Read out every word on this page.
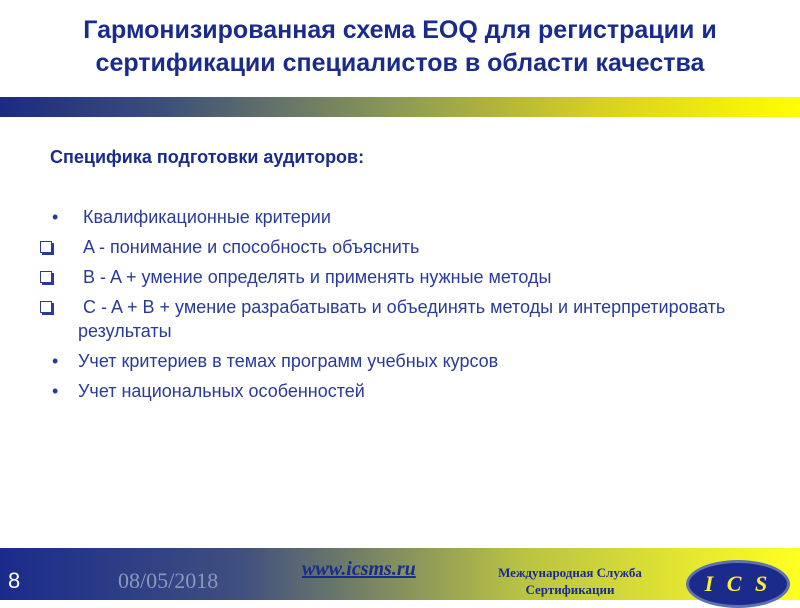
Гармонизированная схема EOQ для регистрации и
сертификации специалистов в области качества
Специфика подготовки аудиторов:
• Квалификационные критерии
A - понимание и способность объяснить
B - A + умение определять и применять нужные методы
C - A + B + умение разрабатывать и объединять методы и интерпретировать результаты
• Учет критериев в темах программ учебных курсов
• Учет национальных особенностей
8	08/05/2018	www.icsms.ru	Международная Служба
Сертификации	I C S
